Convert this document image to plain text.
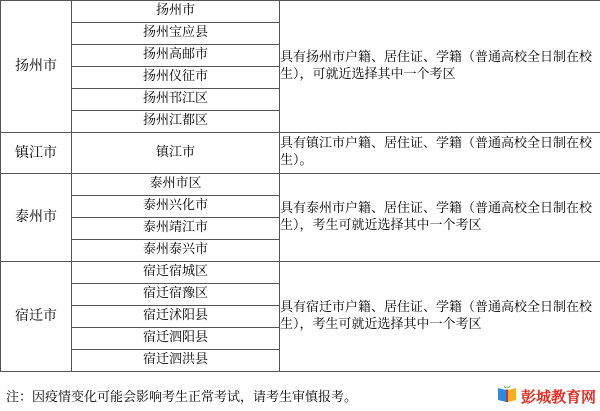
扬州市	扬州市	具有扬州市户籍、居住证、学籍（普通高校全日制在校生），可就近选择其中一个考区
	扬州宝应县	
	扬州高邮市	
	扬州仪征市	
	扬州邗江区	
	扬州江都区	
镇江市	镇江市	具有镇江市户籍、居住证、学籍（普通高校全日制在校生）。
泰州市	泰州市区	具有泰州市户籍、居住证、学籍（普通高校全日制在校生），考生可就近选择其中一个考区
	泰州兴化市	
	泰州靖江市	
	泰州泰兴市	
宿迁市	宿迁宿城区	具有宿迁市户籍、居住证、学籍（普通高校全日制在校生），考生可就近选择其中一个考区
	宿迁宿豫区	
	宿迁沭阳县	
	宿迁泗阳县	
	宿迁泗洪县	
注：因疫情变化可能会影响考生正常考试，请考生审慎报考。	彭城教育网
